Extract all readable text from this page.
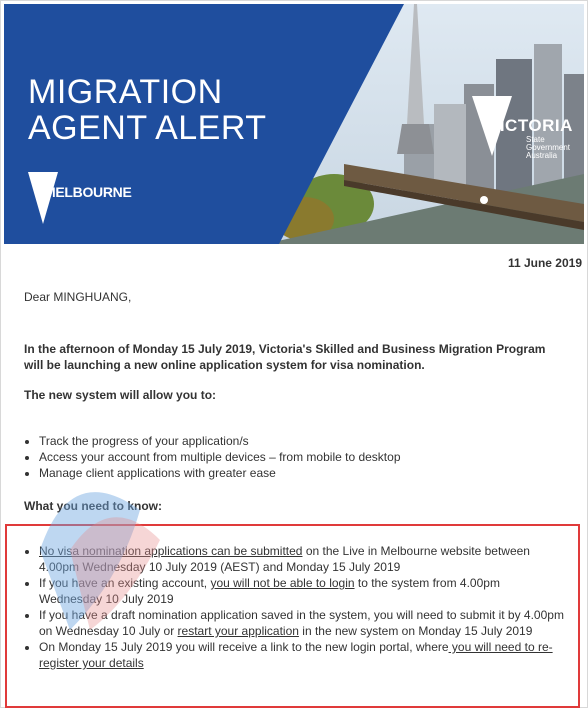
MIGRATION
AGENT ALERT
MELBOURNE
VICTORIA
State
Government
Australia
11 June 2019
Dear MINGHUANG,
In the afternoon of Monday 15 July 2019, Victoria's Skilled and Business Migration Program will be launching a new online application system for visa nomination.
The new system will allow you to:
• Track the progress of your application/s
• Access your account from multiple devices – from mobile to desktop
• Manage client applications with greater ease
What you need to know:
• No visa nomination applications can be submitted on the Live in Melbourne website between 4.00pm Wednesday 10 July 2019 (AEST) and Monday 15 July 2019
• If you have an existing account, you will not be able to login to the system from 4.00pm Wednesday 10 July 2019
• If you have a draft nomination application saved in the system, you will need to submit it by 4.00pm on Wednesday 10 July or restart your application in the new system on Monday 15 July 2019
• On Monday 15 July 2019 you will receive a link to the new login portal, where you will need to re-register your details
